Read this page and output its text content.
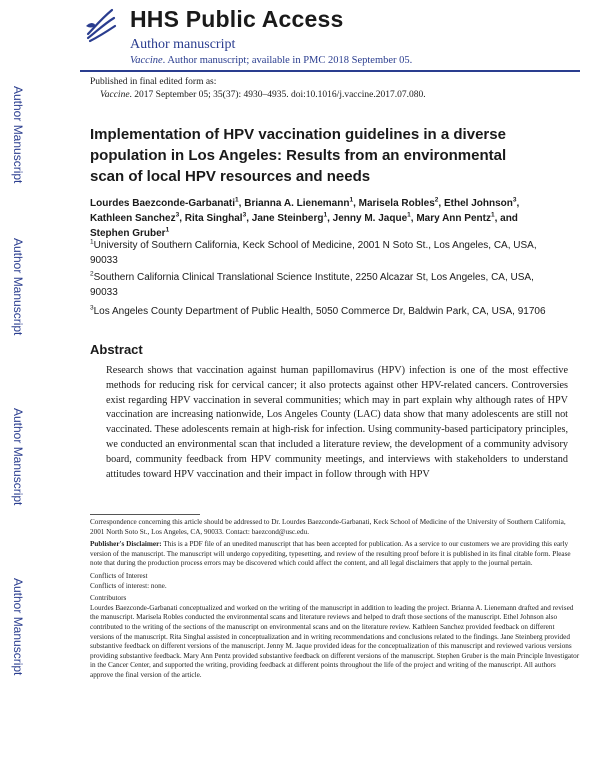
HHS Public Access
Author manuscript
Vaccine. Author manuscript; available in PMC 2018 September 05.
Author Manuscript
Author Manuscript
Author Manuscript
Author Manuscript
Published in final edited form as:
Vaccine. 2017 September 05; 35(37): 4930–4935. doi:10.1016/j.vaccine.2017.07.080.
Implementation of HPV vaccination guidelines in a diverse population in Los Angeles: Results from an environmental scan of local HPV resources and needs
Lourdes Baezconde-Garbanati$^1$, Brianna A. Lienemann$^1$, Marisela Robles$^2$, Ethel Johnson$^3$, Kathleen Sanchez$^3$, Rita Singhal$^3$, Jane Steinberg$^1$, Jenny M. Jaque$^1$, Mary Ann Pentz$^1$, and Stephen Gruber$^1$
$^1$University of Southern California, Keck School of Medicine, 2001 N Soto St., Los Angeles, CA, USA, 90033
$^2$Southern California Clinical Translational Science Institute, 2250 Alcazar St, Los Angeles, CA, USA, 90033
$^3$Los Angeles County Department of Public Health, 5050 Commerce Dr, Baldwin Park, CA, USA, 91706
Abstract
Research shows that vaccination against human papillomavirus (HPV) infection is one of the most effective methods for reducing risk for cervical cancer; it also protects against other HPV-related cancers. Controversies exist regarding HPV vaccination in several communities; which may in part explain why although rates of HPV vaccination are increasing nationwide, Los Angeles County (LAC) data show that many adolescents are still not vaccinated. These adolescents remain at high-risk for infection. Using community-based participatory principles, we conducted an environmental scan that included a literature review, the development of a community advisory board, community feedback from HPV community meetings, and interviews with stakeholders to understand attitudes toward HPV vaccination and their impact in follow through with HPV

Correspondence concerning this article should be addressed to Dr. Lourdes Baezconde-Garbanati, Keck School of Medicine of the University of Southern California, 2001 North Soto St., Los Angeles, CA, 90033. Contact: baezcond@usc.edu.

Publisher's Disclaimer: This is a PDF file of an unedited manuscript that has been accepted for publication. As a service to our customers we are providing this early version of the manuscript. The manuscript will undergo copyediting, typesetting, and review of the resulting proof before it is published in its final citable form. Please note that during the production process errors may be discovered which could affect the content, and all legal disclaimers that apply to the journal pertain.

Conflicts of Interest

Conflicts of interest: none.

Contributors

Lourdes Baezconde-Garbanati conceptualized and worked on the writing of the manuscript in addition to leading the project. Brianna A. Lienemann drafted and revised the manuscript. Marisela Robles conducted the environmental scans and literature reviews and helped to draft those sections of the manuscript. Ethel Johnson also contributed to the writing of the sections of the manuscript on environmental scans and on the literature review. Kathleen Sanchez provided feedback on different versions of the manuscript. Rita Singhal assisted in conceptualization and in writing recommendations and conclusions related to the findings. Jane Steinberg provided substantive feedback on different versions of the manuscript. Jenny M. Jaque provided ideas for the conceptualization of this manuscript and reviewed various versions providing substantive feedback. Mary Ann Pentz provided substantive feedback on different versions of the manuscript. Stephen Gruber is the main Principle Investigator in the Cancer Center, and supported the writing, providing feedback at different points throughout the life of the project and writing of the manuscript. All authors approve the final version of the article.
